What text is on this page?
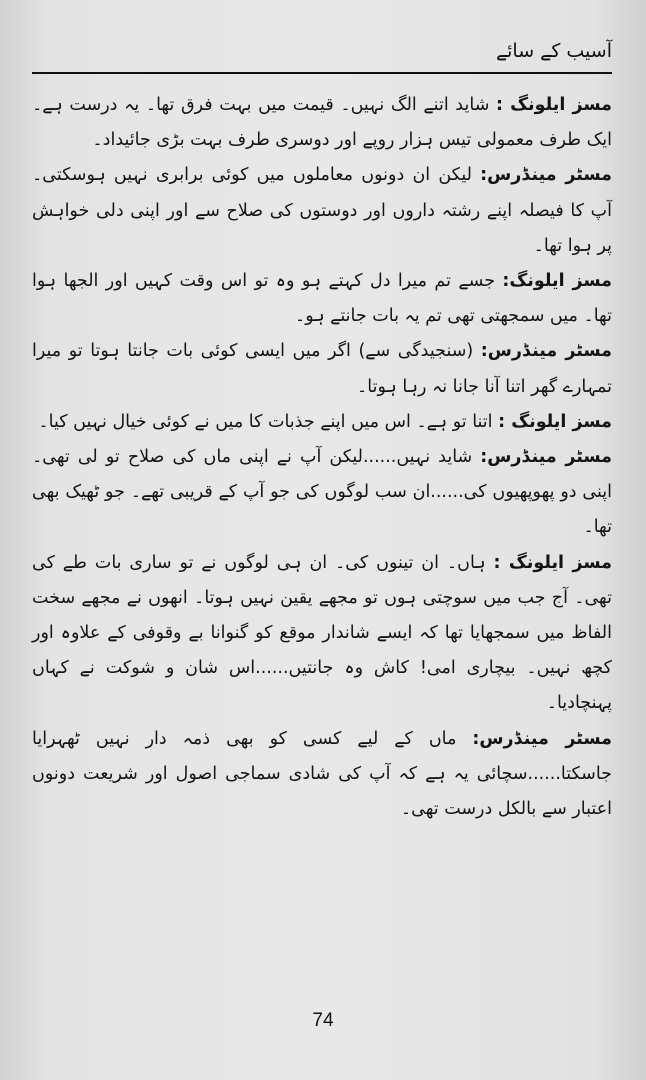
آسیب کے سائے

مسز ایلونگ : شاید اتنے الگ نہیں۔ قیمت میں بہت فرق تھا۔ یہ درست ہے۔ ایک طرف معمولی تیس ہزار روپے اور دوسری طرف بہت بڑی جائیداد۔

مسٹر مینڈرس: لیکن ان دونوں معاملوں میں کوئی برابری نہیں ہوسکتی۔ آپ کا فیصلہ اپنے رشتہ داروں اور دوستوں کی صلاح سے اور اپنی دلی خواہش پر ہوا تھا۔

مسز ایلونگ: جسے تم میرا دل کہتے ہو وہ تو اس وقت کہیں اور الجھا ہوا تھا۔ میں سمجھتی تھی تم یہ بات جانتے ہو۔

مسٹر مینڈرس: (سنجیدگی سے) اگر میں ایسی کوئی بات جانتا ہوتا تو میرا تمہارے گھر اتنا آنا جانا نہ رہا ہوتا۔

مسز ایلونگ : اتنا تو ہے۔ اس میں اپنے جذبات کا میں نے کوئی خیال نہیں کیا۔

مسٹر مینڈرس: شاید نہیں......لیکن آپ نے اپنی ماں کی صلاح تو لی تھی۔ اپنی دو پھوپھیوں کی......ان سب لوگوں کی جو آپ کے قریبی تھے۔ جو ٹھیک بھی تھا۔

مسز ایلونگ : ہاں۔ ان تینوں کی۔ ان ہی لوگوں نے تو ساری بات طے کی تھی۔ آج جب میں سوچتی ہوں تو مجھے یقین نہیں ہوتا۔ انھوں نے مجھے سخت الفاظ میں سمجھایا تھا کہ ایسے شاندار موقع کو گنوانا بے وقوفی کے علاوہ اور کچھ نہیں۔ بیچاری امی! کاش وہ جانتیں......اس شان و شوکت نے کہاں پہنچادیا۔

مسٹر مینڈرس: ماں کے لیے کسی کو بھی ذمہ دار نہیں ٹھہرایا جاسکتا......سچائی یہ ہے کہ آپ کی شادی سماجی اصول اور شریعت دونوں اعتبار سے بالکل درست تھی۔

74
